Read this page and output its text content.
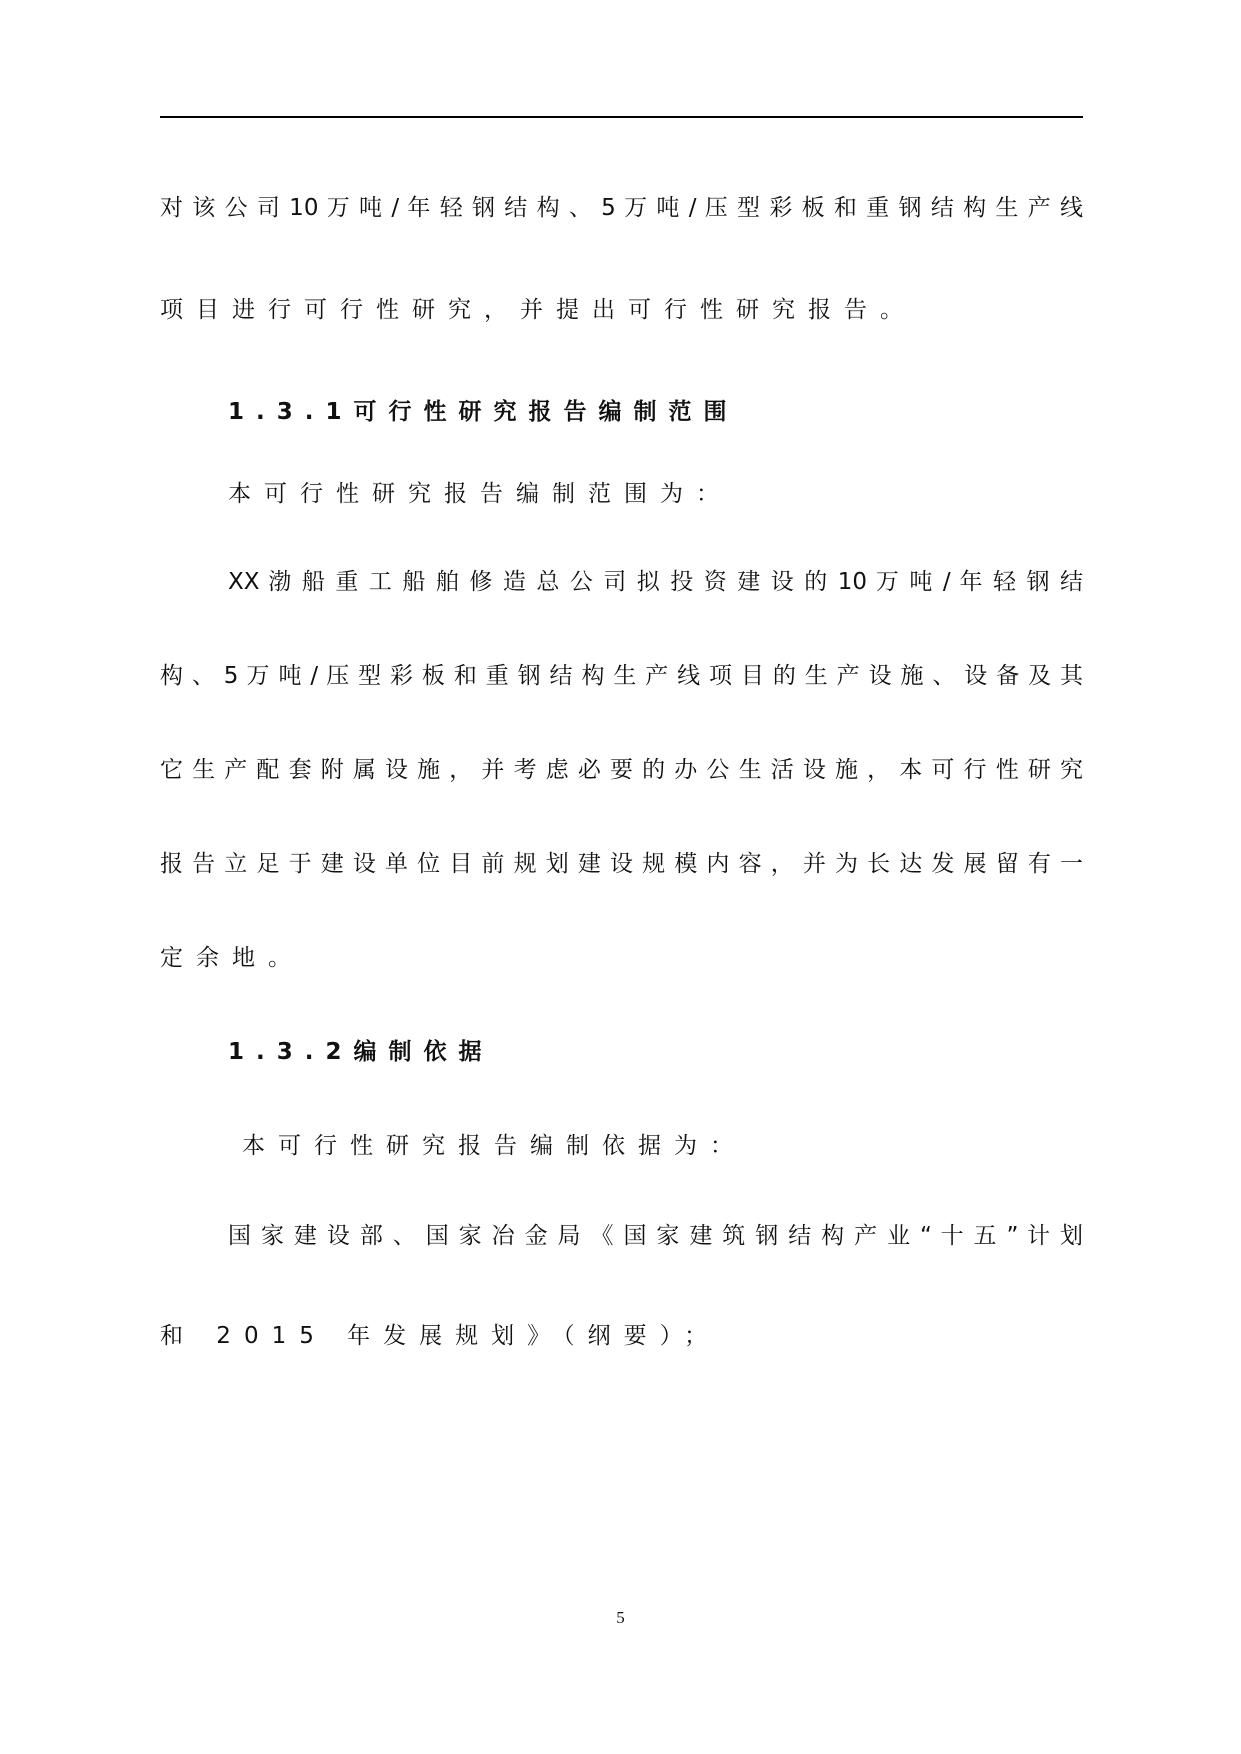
对 该 公 司 10 万 吨 / 年 轻 钢 结 构 、 5 万 吨 / 压 型 彩 板 和 重 钢 结 构 生 产 线
项目进行可行性研究，并提出可行性研究报告。
1.3.1可行性研究报告编制范围
本可行性研究报告编制范围为：
XX 渤 船 重 工 船 舶 修 造 总 公 司 拟 投 资 建 设 的 10 万 吨 / 年 轻 钢 结
构 、 5 万 吨 / 压 型 彩 板 和 重 钢 结 构 生 产 线 项 目 的 生 产 设 施 、 设 备 及 其
它 生 产 配 套 附 属 设 施 ， 并 考 虑 必 要 的 办 公 生 活 设 施 ， 本 可 行 性 研 究
报 告 立 足 于 建 设 单 位 目 前 规 划 建 设 规 模 内 容 ， 并 为 长 达 发 展 留 有 一
定余地。
1.3.2编制依据
本可行性研究报告编制依据为：
国 家 建 设 部 、 国 家 冶 金 局 《 国 家 建 筑 钢 结 构 产 业 “ 十 五 ” 计 划
和 2015 年发展规划》（纲要）；
5
